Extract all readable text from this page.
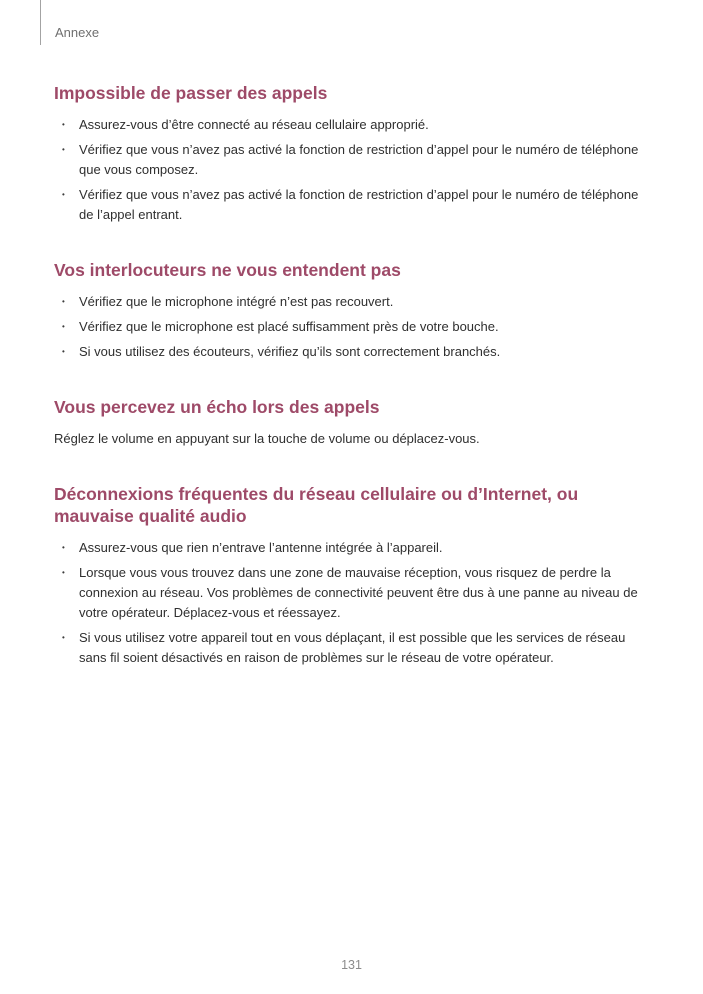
Annexe
Impossible de passer des appels
• Assurez-vous d’être connecté au réseau cellulaire approprié.
• Vérifiez que vous n’avez pas activé la fonction de restriction d’appel pour le numéro de téléphone que vous composez.
• Vérifiez que vous n’avez pas activé la fonction de restriction d’appel pour le numéro de téléphone de l’appel entrant.
Vos interlocuteurs ne vous entendent pas
• Vérifiez que le microphone intégré n’est pas recouvert.
• Vérifiez que le microphone est placé suffisamment près de votre bouche.
• Si vous utilisez des écouteurs, vérifiez qu’ils sont correctement branchés.
Vous percevez un écho lors des appels

Réglez le volume en appuyant sur la touche de volume ou déplacez-vous.

Déconnexions fréquentes du réseau cellulaire ou d’Internet, ou mauvaise qualité audio
• Assurez-vous que rien n’entrave l’antenne intégrée à l’appareil.
• Lorsque vous vous trouvez dans une zone de mauvaise réception, vous risquez de perdre la connexion au réseau. Vos problèmes de connectivité peuvent être dus à une panne au niveau de votre opérateur. Déplacez-vous et réessayez.
• Si vous utilisez votre appareil tout en vous déplaçant, il est possible que les services de réseau sans fil soient désactivés en raison de problèmes sur le réseau de votre opérateur.
131
